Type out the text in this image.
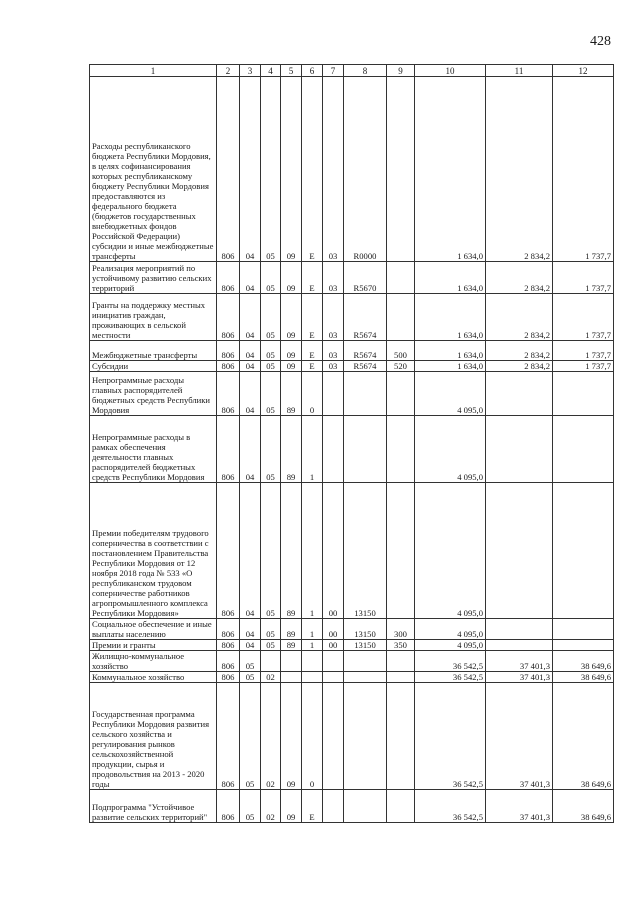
428
1	2	3	4	5	6	7	8	9	10	11	12
Расходы республиканского бюджета Республики Мордовия, в целях софинансирования которых республиканскому бюджету Республики Мордовия предоставляются из федерального бюджета (бюджетов государственных внебюджетных фондов Российской Федерации) субсидии и иные межбюджетные трансферты	806	04	05	09	Е	03	R0000		1 634,0	2 834,2	1 737,7
Реализация мероприятий по устойчивому развитию сельских территорий	806	04	05	09	Е	03	R5670		1 634,0	2 834,2	1 737,7
Гранты на поддержку местных инициатив граждан, проживающих в сельской местности	806	04	05	09	Е	03	R5674		1 634,0	2 834,2	1 737,7
Межбюджетные трансферты	806	04	05	09	Е	03	R5674	500	1 634,0	2 834,2	1 737,7
Субсидии	806	04	05	09	Е	03	R5674	520	1 634,0	2 834,2	1 737,7
Непрограммные расходы главных распорядителей бюджетных средств Республики Мордовия	806	04	05	89	0				4 095,0		
Непрограммные расходы в рамках обеспечения деятельности главных распорядителей бюджетных средств Республики Мордовия	806	04	05	89	1				4 095,0		
Премии победителям трудового соперничества в соответствии с постановлением Правительства Республики Мордовия от 12 ноября 2018 года № 533 «О республиканском трудовом соперничестве работников агропромышленного комплекса Республики Мордовия»	806	04	05	89	1	00	13150		4 095,0		
Социальное обеспечение и иные выплаты населению	806	04	05	89	1	00	13150	300	4 095,0		
Премии и гранты	806	04	05	89	1	00	13150	350	4 095,0		
Жилищно-коммунальное хозяйство	806	05							36 542,5	37 401,3	38 649,6
Коммунальное хозяйство	806	05	02						36 542,5	37 401,3	38 649,6
Государственная программа Республики Мордовия развития сельского хозяйства и регулирования рынков сельскохозяйственной продукции, сырья и продовольствия на 2013 - 2020 годы	806	05	02	09	0				36 542,5	37 401,3	38 649,6
Подпрограмма "Устойчивое развитие сельских территорий"	806	05	02	09	Е				36 542,5	37 401,3	38 649,6
